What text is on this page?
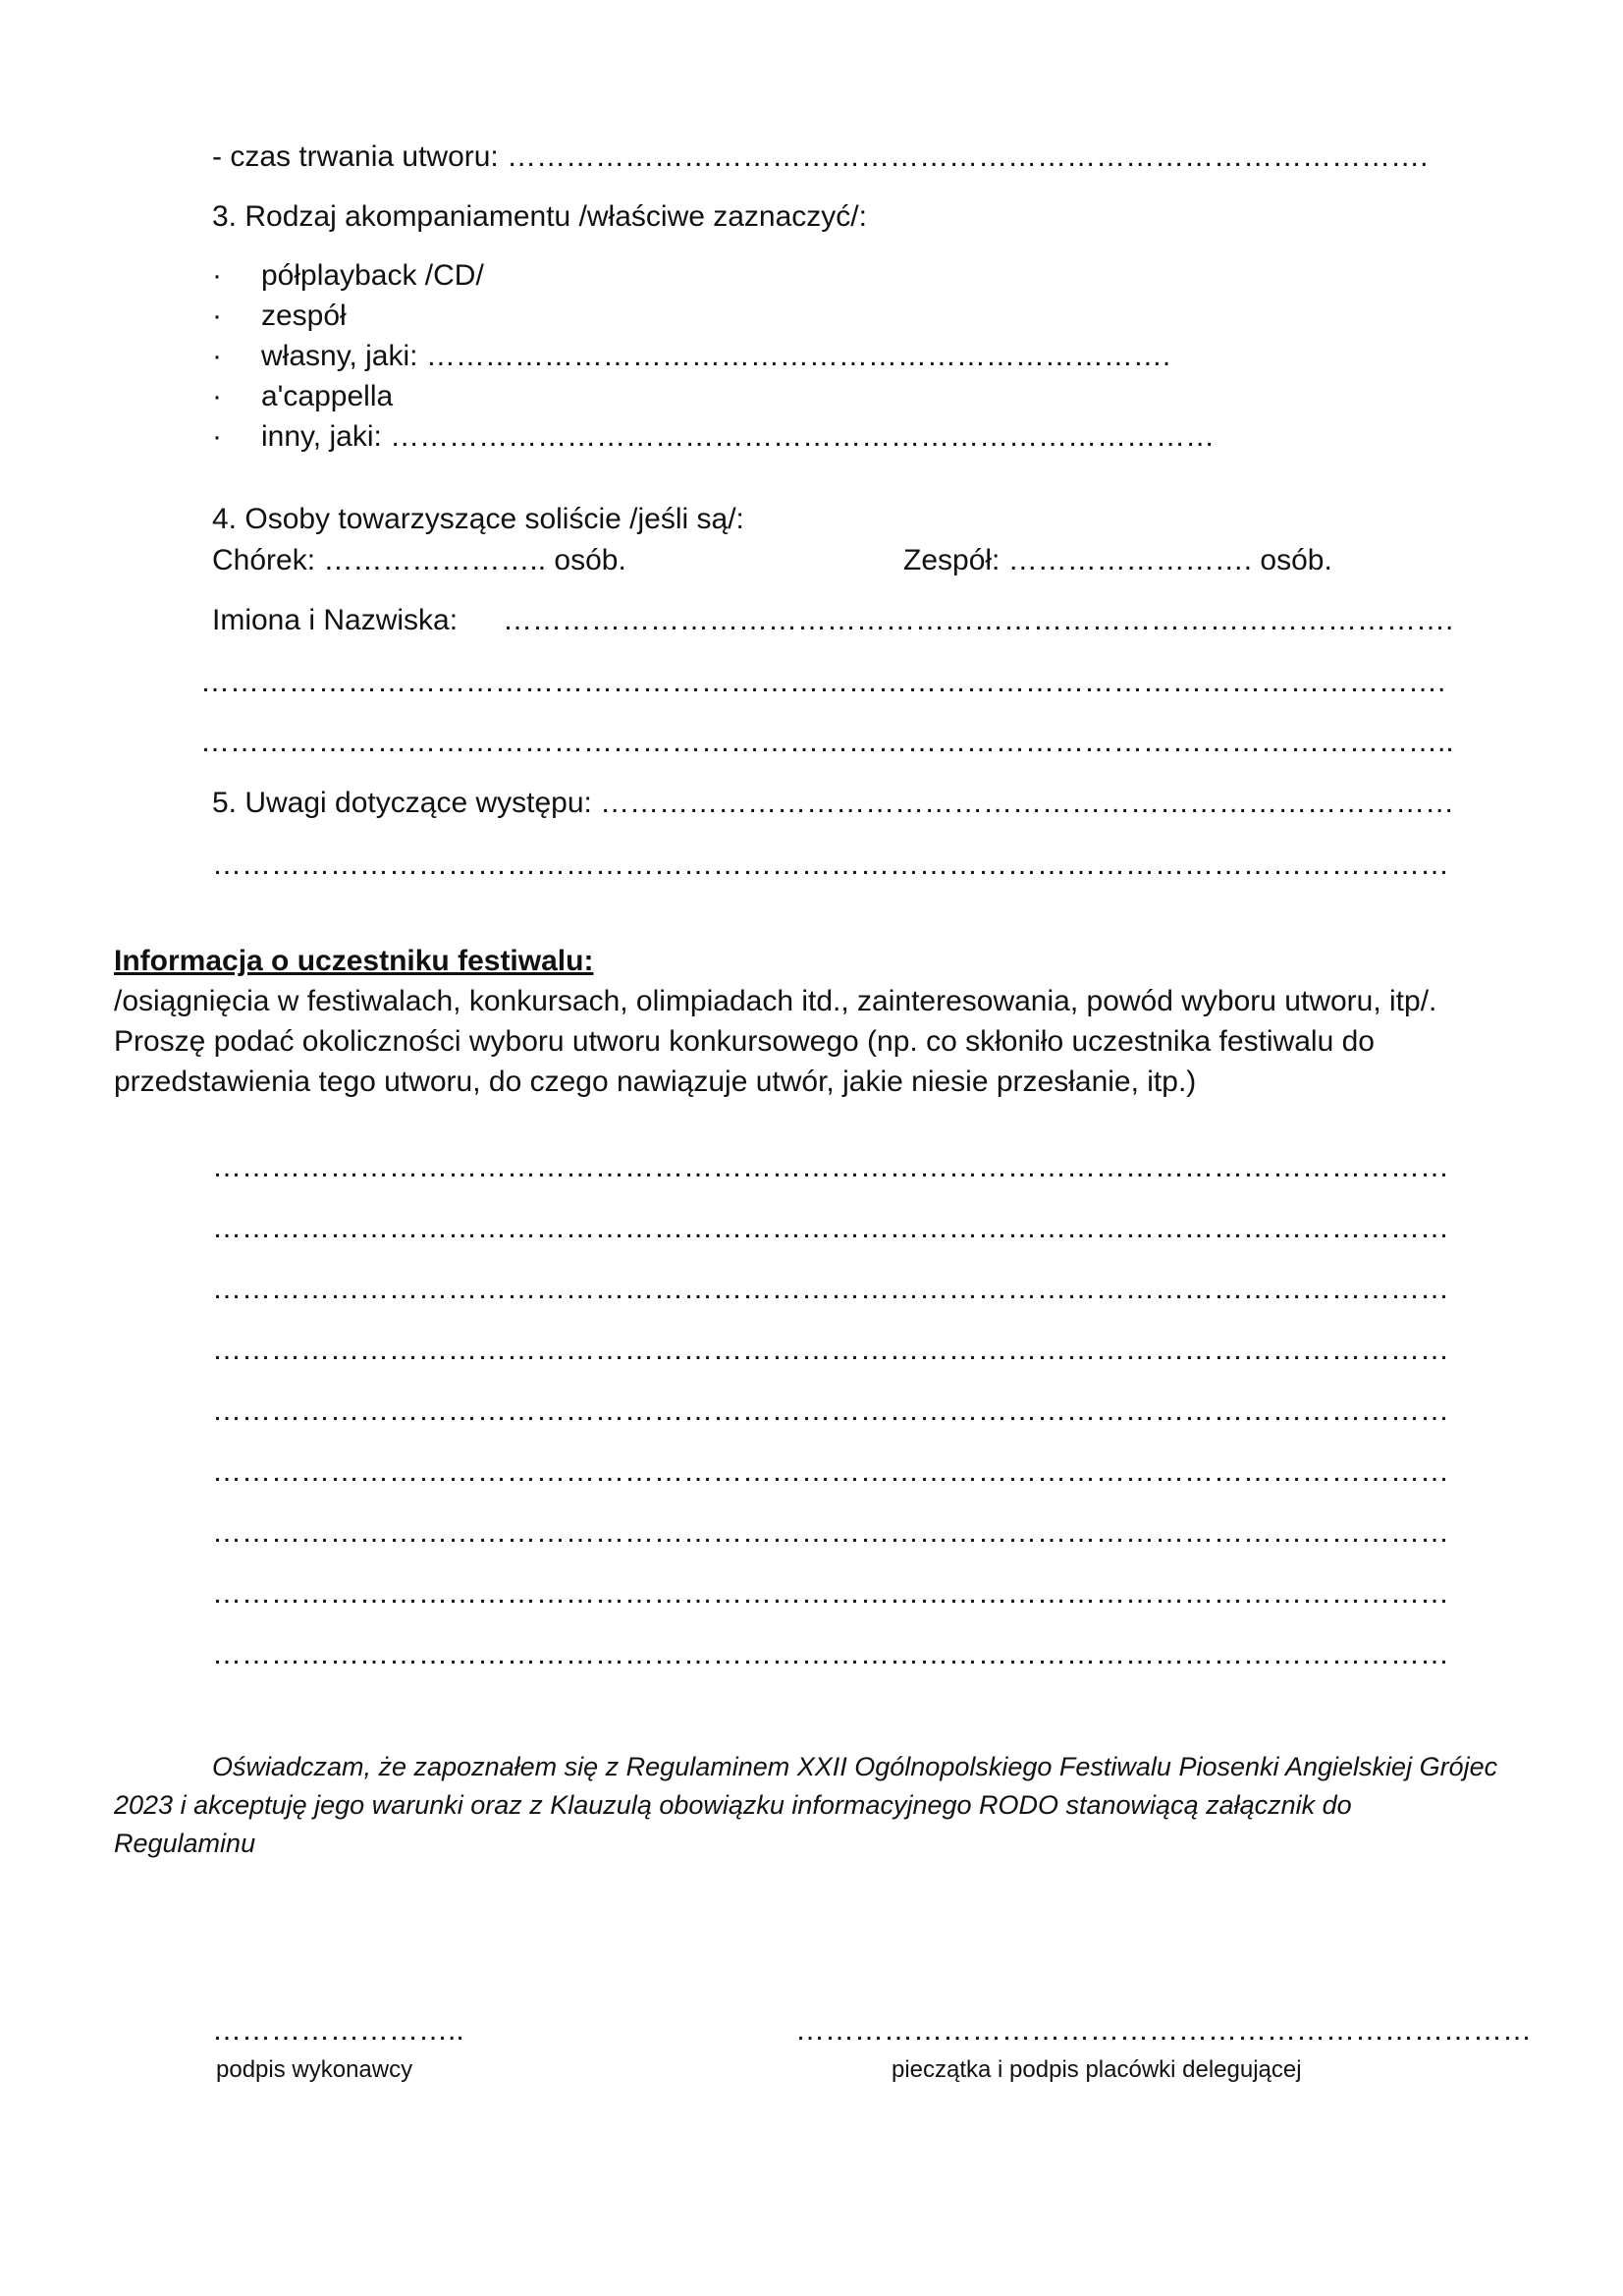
- czas trwania utworu: ………………………………………………………………………………….
3. Rodzaj akompaniamentu /właściwe zaznaczyć/:
· półplayback /CD/
· zespół
· własny, jaki: ………………………………………………………………….
· a'cappella
· inny, jaki: …………………………………………………………………………
4. Osoby towarzyszące soliście /jeśli są/:
Chórek: ………………….. osób.	Zespół: ……………………. osób.
Imiona i Nazwiska: …………………………………………………………………………………….
……………………………………………………………………………………………………………….
………………………………………………………………………………………………………………..
5. Uwagi dotyczące występu: ……………………………………………………………………………
………………………………………………………………………………………………………………
Informacja o uczestniku festiwalu:
/osiągnięcia w festiwalach, konkursach, olimpiadach itd., zainteresowania, powód wyboru utworu, itp/.
Proszę podać okoliczności wyboru utworu konkursowego (np. co skłoniło uczestnika festiwalu do
przedstawienia tego utworu, do czego nawiązuje utwór, jakie niesie przesłanie, itp.)
………………………………………………………………………………………………………………
………………………………………………………………………………………………………………
………………………………………………………………………………………………………………
………………………………………………………………………………………………………………
………………………………………………………………………………………………………………
………………………………………………………………………………………………………………
………………………………………………………………………………………………………………
………………………………………………………………………………………………………………
………………………………………………………………………………………………………………
Oświadczam, że zapoznałem się z Regulaminem XXII Ogólnopolskiego Festiwalu Piosenki Angielskiej Grójec
2023 i akceptuję jego warunki oraz z Klauzulą obowiązku informacyjnego RODO stanowiącą załącznik do
Regulaminu
……………………..	…………………………………………………………………
podpis wykonawcy	pieczątka i podpis placówki delegującej
